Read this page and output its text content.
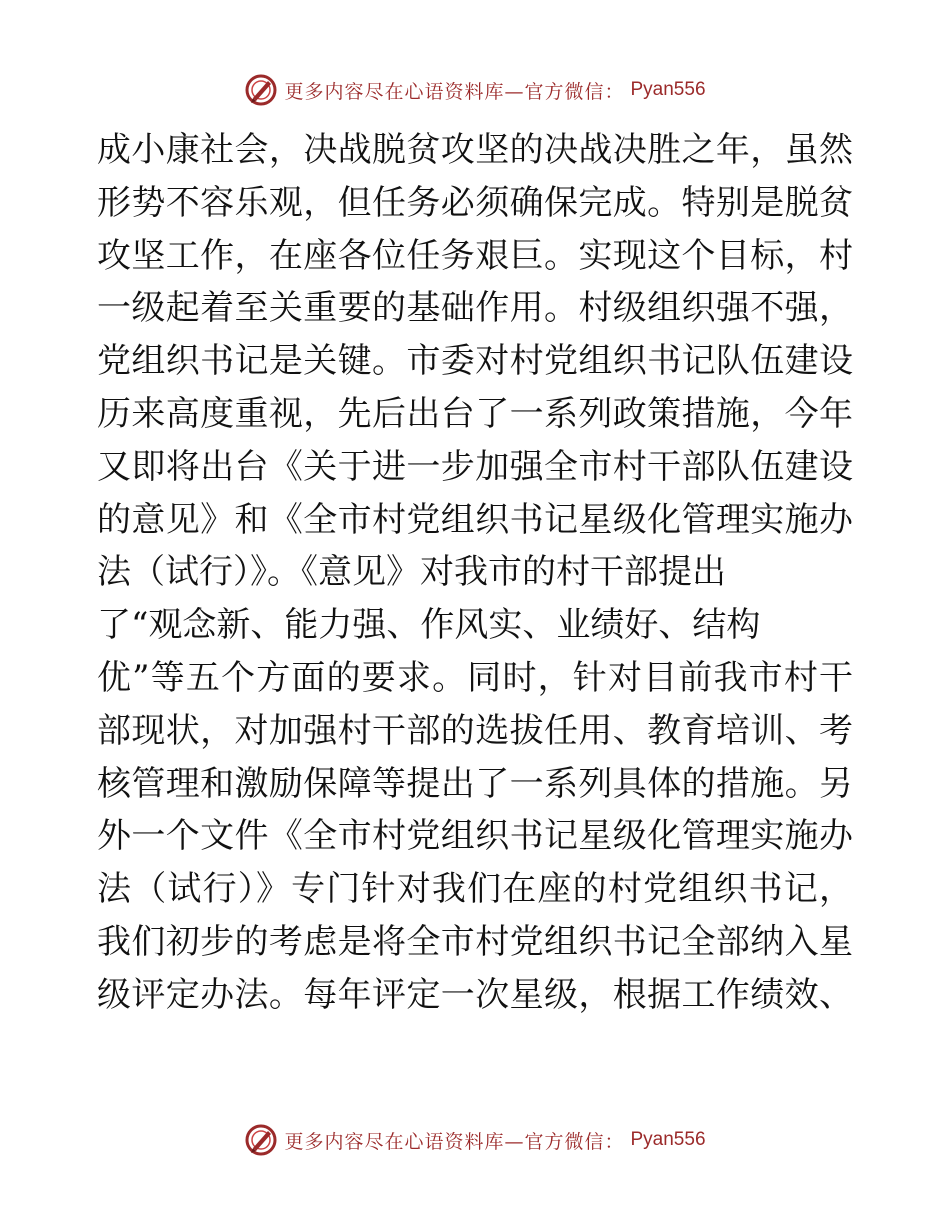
更多内容尽在心语资料库—官方微信： Pyan556
成小康社会，决战脱贫攻坚的决战决胜之年，虽然
形势不容乐观，但任务必须确保完成。特别是脱贫
攻坚工作，在座各位任务艰巨。实现这个目标，村
一级起着至关重要的基础作用。村级组织强不强，
党组织书记是关键。市委对村党组织书记队伍建设
历来高度重视，先后出台了一系列政策措施，今年
又即将出台《关于进一步加强全市村干部队伍建设
的意见》和《全市村党组织书记星级化管理实施办
法（试行）》。《意见》对我市的村干部提出
了“观念新、能力强、作风实、业绩好、结构
优”等五个方面的要求。同时，针对目前我市村干
部现状，对加强村干部的选拔任用、教育培训、考
核管理和激励保障等提出了一系列具体的措施。另
外一个文件《全市村党组织书记星级化管理实施办
法（试行）》专门针对我们在座的村党组织书记，
我们初步的考虑是将全市村党组织书记全部纳入星
级评定办法。每年评定一次星级，根据工作绩效、
更多内容尽在心语资料库—官方微信： Pyan556
